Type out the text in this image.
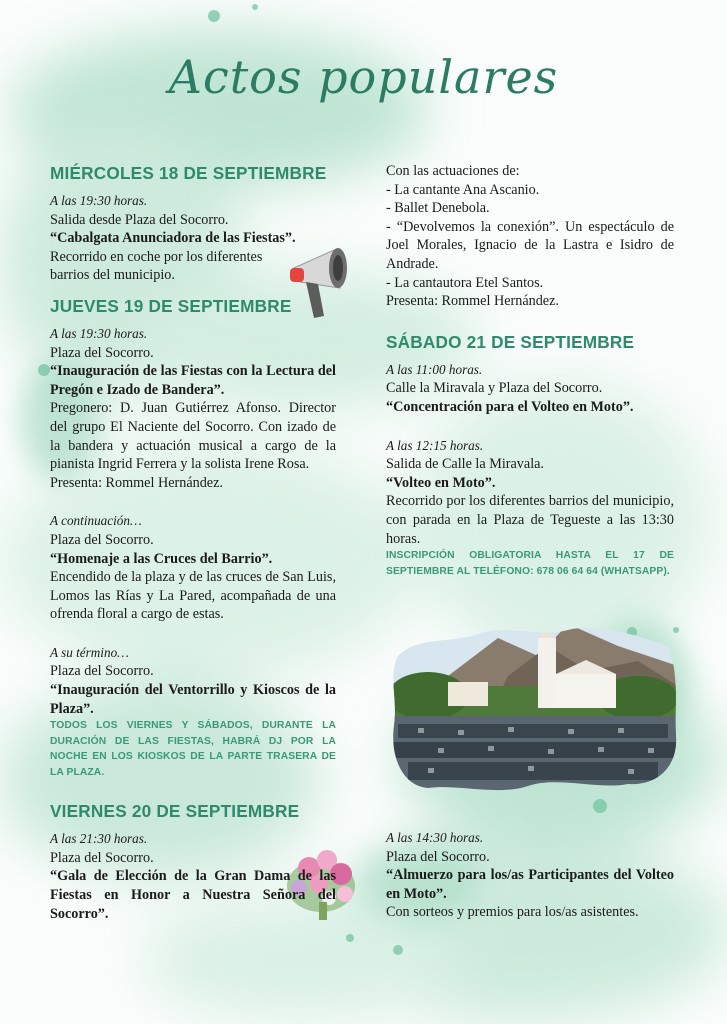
Actos populares
MIÉRCOLES 18 DE SEPTIEMBRE
A las 19:30 horas.
Salida desde Plaza del Socorro.
“Cabalgata Anunciadora de las Fiestas”.
Recorrido en coche por los diferentes barrios del municipio.
JUEVES 19 DE SEPTIEMBRE
A las 19:30 horas.
Plaza del Socorro.
“Inauguración de las Fiestas con la Lectura del Pregón e Izado de Bandera”.
Pregonero: D. Juan Gutiérrez Afonso. Director del grupo El Naciente del Socorro. Con izado de la bandera y actuación musical a cargo de la pianista Ingrid Ferrera y la solista Irene Rosa.
Presenta: Rommel Hernández.
A continuación…
Plaza del Socorro.
“Homenaje a las Cruces del Barrio”.
Encendido de la plaza y de las cruces de San Luis, Lomos las Rías y La Pared, acompañada de una ofrenda floral a cargo de estas.
A su término…
Plaza del Socorro.
“Inauguración del Ventorrillo y Kioscos de la Plaza”.
TODOS LOS VIERNES Y SÁBADOS, DURANTE LA DURACIÓN DE LAS FIESTAS, HABRÁ DJ POR LA NOCHE EN LOS KIOSKOS DE LA PARTE TRASERA DE LA PLAZA.
VIERNES 20 DE SEPTIEMBRE
A las 21:30 horas.
Plaza del Socorro.
“Gala de Elección de la Gran Dama de las Fiestas en Honor a Nuestra Señora del Socorro”.
Con las actuaciones de:
- La cantante Ana Ascanio.
- Ballet Denebola.
- “Devolvemos la conexión”. Un espectáculo de Joel Morales, Ignacio de la Lastra e Isidro de Andrade.
- La cantautora Etel Santos.
Presenta: Rommel Hernández.
SÁBADO 21 DE SEPTIEMBRE
A las 11:00 horas.
Calle la Miravala y Plaza del Socorro.
“Concentración para el Volteo en Moto”.
A las 12:15 horas.
Salida de Calle la Miravala.
“Volteo en Moto”.
Recorrido por los diferentes barrios del municipio, con parada en la Plaza de Tegueste a las 13:30 horas.
INSCRIPCIÓN OBLIGATORIA HASTA EL 17 DE SEPTIEMBRE AL TELÉFONO: 678 06 64 64 (WHATSAPP).
A las 14:30 horas.
Plaza del Socorro.
“Almuerzo para los/as Participantes del Volteo en Moto”.
Con sorteos y premios para los/as asistentes.
